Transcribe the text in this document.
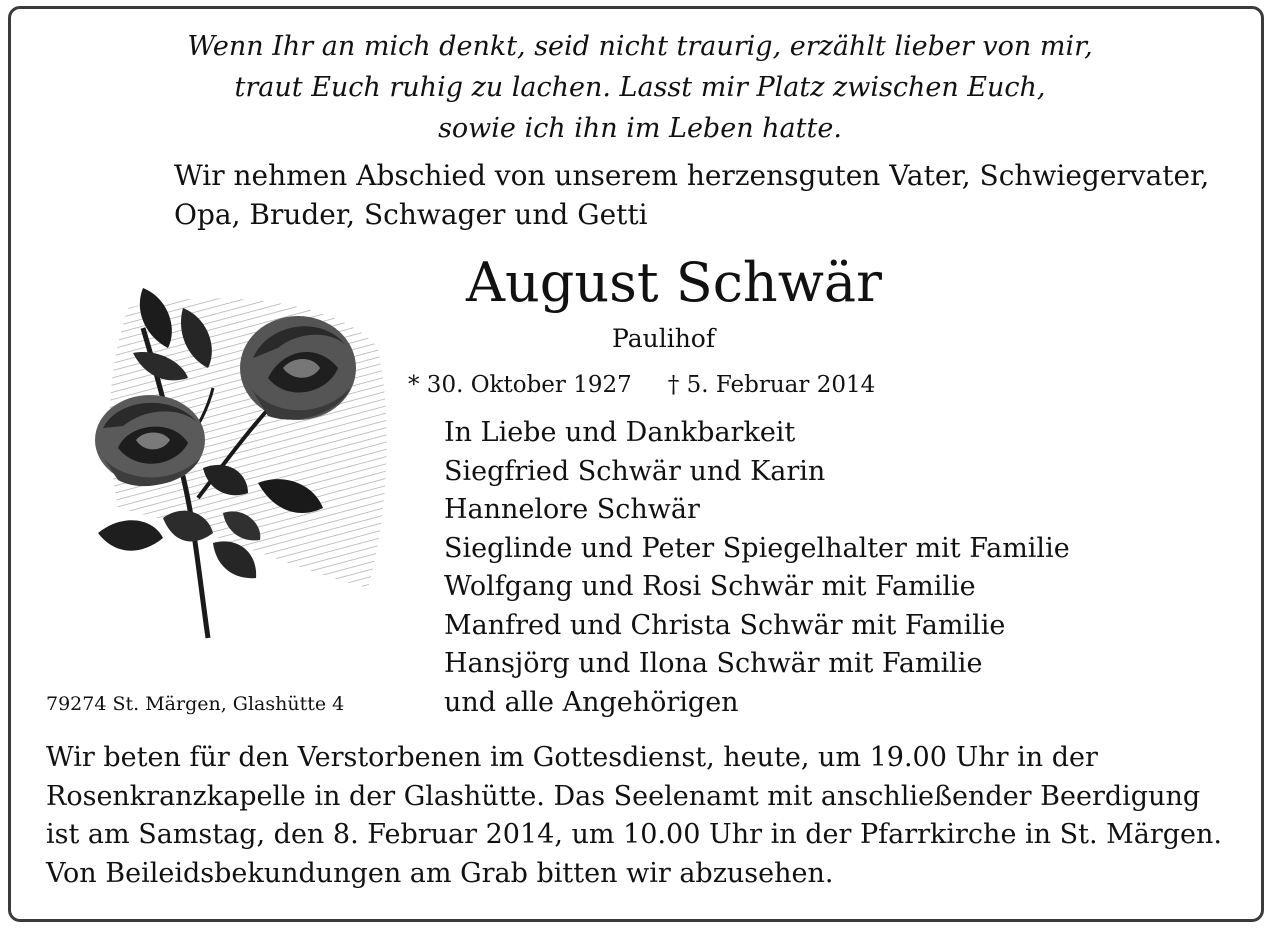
Wenn Ihr an mich denkt, seid nicht traurig, erzählt lieber von mir,
traut Euch ruhig zu lachen. Lasst mir Platz zwischen Euch,
sowie ich ihn im Leben hatte.
Wir nehmen Abschied von unserem herzensguten Vater, Schwiegervater,
Opa, Bruder, Schwager und Getti
August Schwär
Paulihof
* 30. Oktober 1927 † 5. Februar 2014
In Liebe und Dankbarkeit
Siegfried Schwär und Karin
Hannelore Schwär
Sieglinde und Peter Spiegelhalter mit Familie
Wolfgang und Rosi Schwär mit Familie
Manfred und Christa Schwär mit Familie
Hansjörg und Ilona Schwär mit Familie
und alle Angehörigen
79274 St. Märgen, Glashütte 4
Wir beten für den Verstorbenen im Gottesdienst, heute, um 19.00 Uhr in der
Rosenkranzkapelle in der Glashütte. Das Seelenamt mit anschließender Beerdigung
ist am Samstag, den 8. Februar 2014, um 10.00 Uhr in der Pfarrkirche in St. Märgen.
Von Beileidsbekundungen am Grab bitten wir abzusehen.
